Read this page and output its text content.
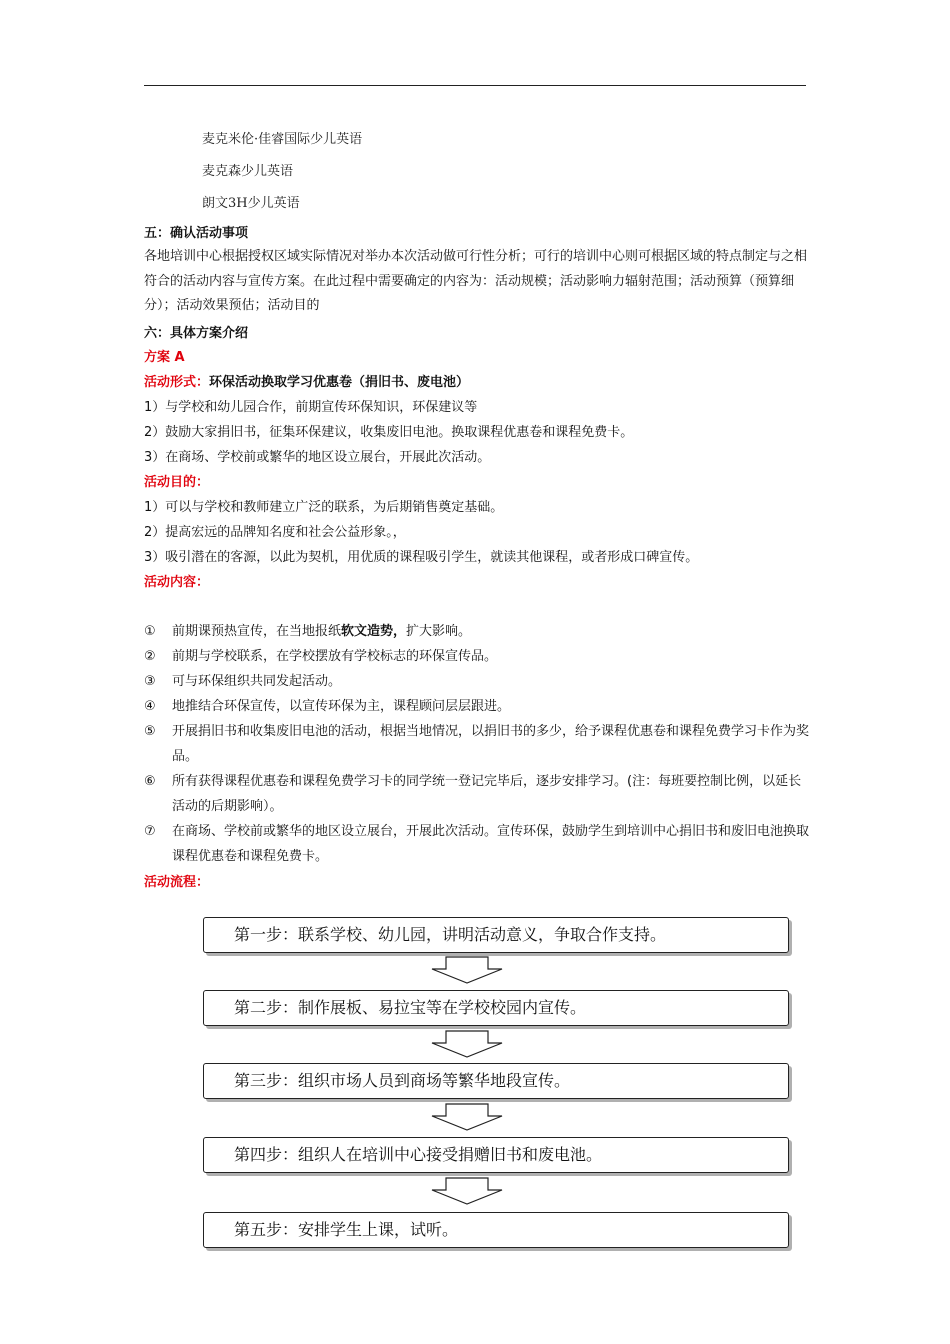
麦克米伦·佳睿国际少儿英语
麦克森少儿英语
朗文3H少儿英语
五：确认活动事项
各地培训中心根据授权区域实际情况对举办本次活动做可行性分析；可行的培训中心则可根据区域的特点制定与之相符合的活动内容与宣传方案。在此过程中需要确定的内容为：活动规模；活动影响力辐射范围；活动预算（预算细分）；活动效果预估；活动目的
六：具体方案介绍
方案 A
活动形式：环保活动换取学习优惠卷（捐旧书、废电池）
1）与学校和幼儿园合作，前期宣传环保知识，环保建议等
2）鼓励大家捐旧书，征集环保建议，收集废旧电池。换取课程优惠卷和课程免费卡。
3）在商场、学校前或繁华的地区设立展台，开展此次活动。
活动目的：
1）可以与学校和教师建立广泛的联系，为后期销售奠定基础。
2）提高宏远的品牌知名度和社会公益形象。，
3）吸引潜在的客源，以此为契机，用优质的课程吸引学生，就读其他课程，或者形成口碑宣传。
活动内容：
① 前期课预热宣传，在当地报纸软文造势，扩大影响。
② 前期与学校联系，在学校摆放有学校标志的环保宣传品。
③ 可与环保组织共同发起活动。
④ 地推结合环保宣传，以宣传环保为主，课程顾问层层跟进。
⑤ 开展捐旧书和收集废旧电池的活动，根据当地情况，以捐旧书的多少，给予课程优惠卷和课程免费学习卡作为奖品。
⑥ 所有获得课程优惠卷和课程免费学习卡的同学统一登记完毕后，逐步安排学习。(注：每班要控制比例，以延长活动的后期影响）。
⑦ 在商场、学校前或繁华的地区设立展台，开展此次活动。宣传环保，鼓励学生到培训中心捐旧书和废旧电池换取课程优惠卷和课程免费卡。
活动流程：
第一步：联系学校、幼儿园，讲明活动意义，争取合作支持。
第二步：制作展板、易拉宝等在学校校园内宣传。
第三步：组织市场人员到商场等繁华地段宣传。
第四步：组织人在培训中心接受捐赠旧书和废电池。
第五步：安排学生上课，试听。
